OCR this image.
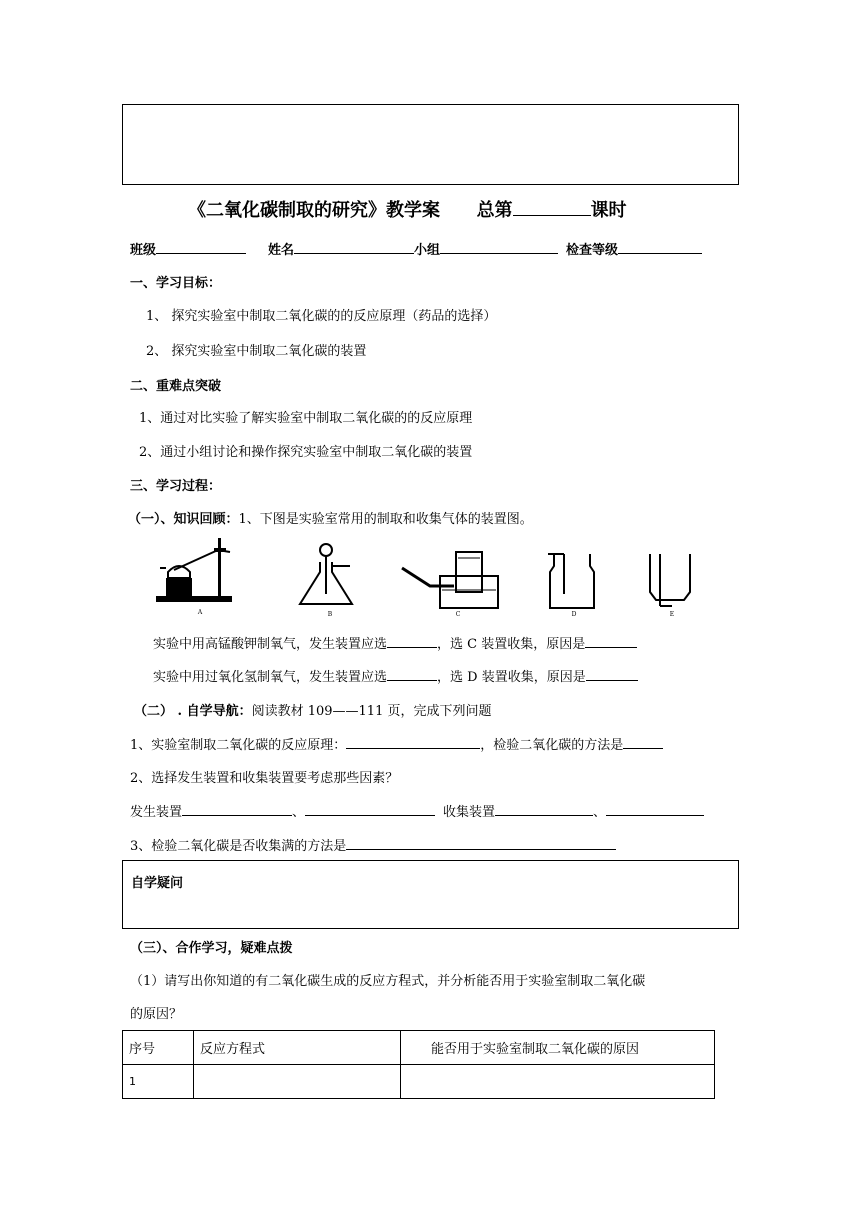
《二氧化碳制取的研究》教学案 总第	课时
班级	姓名	小组	检查等级
一、学习目标：
1、 探究实验室中制取二氧化碳的的反应原理（药品的选择）
2、 探究实验室中制取二氧化碳的装置
二、重难点突破
1、通过对比实验了解实验室中制取二氧化碳的的反应原理
2、通过小组讨论和操作探究实验室中制取二氧化碳的装置
三、学习过程：
（一）、知识回顾：1、下图是实验室常用的制取和收集气体的装置图。
A	B	C	D	E
实验中用高锰酸钾制氧气，发生装置应选	，选 C 装置收集，原因是
实验中用过氧化氢制氧气，发生装置应选	，选 D 装置收集，原因是
（二） . 自学导航：阅读教材 109——111 页，完成下列问题
1、实验室制取二氧化碳的反应原理：	，检验二氧化碳的方法是
2、选择发生装置和收集装置要考虑那些因素？
发生装置	、	收集装置	、
3、检验二氧化碳是否收集满的方法是
自学疑问
（三）、合作学习，疑难点拨
（1）请写出你知道的有二氧化碳生成的反应方程式，并分析能否用于实验室制取二氧化碳
的原因？
序号	反应方程式	能否用于实验室制取二氧化碳的原因
1		
